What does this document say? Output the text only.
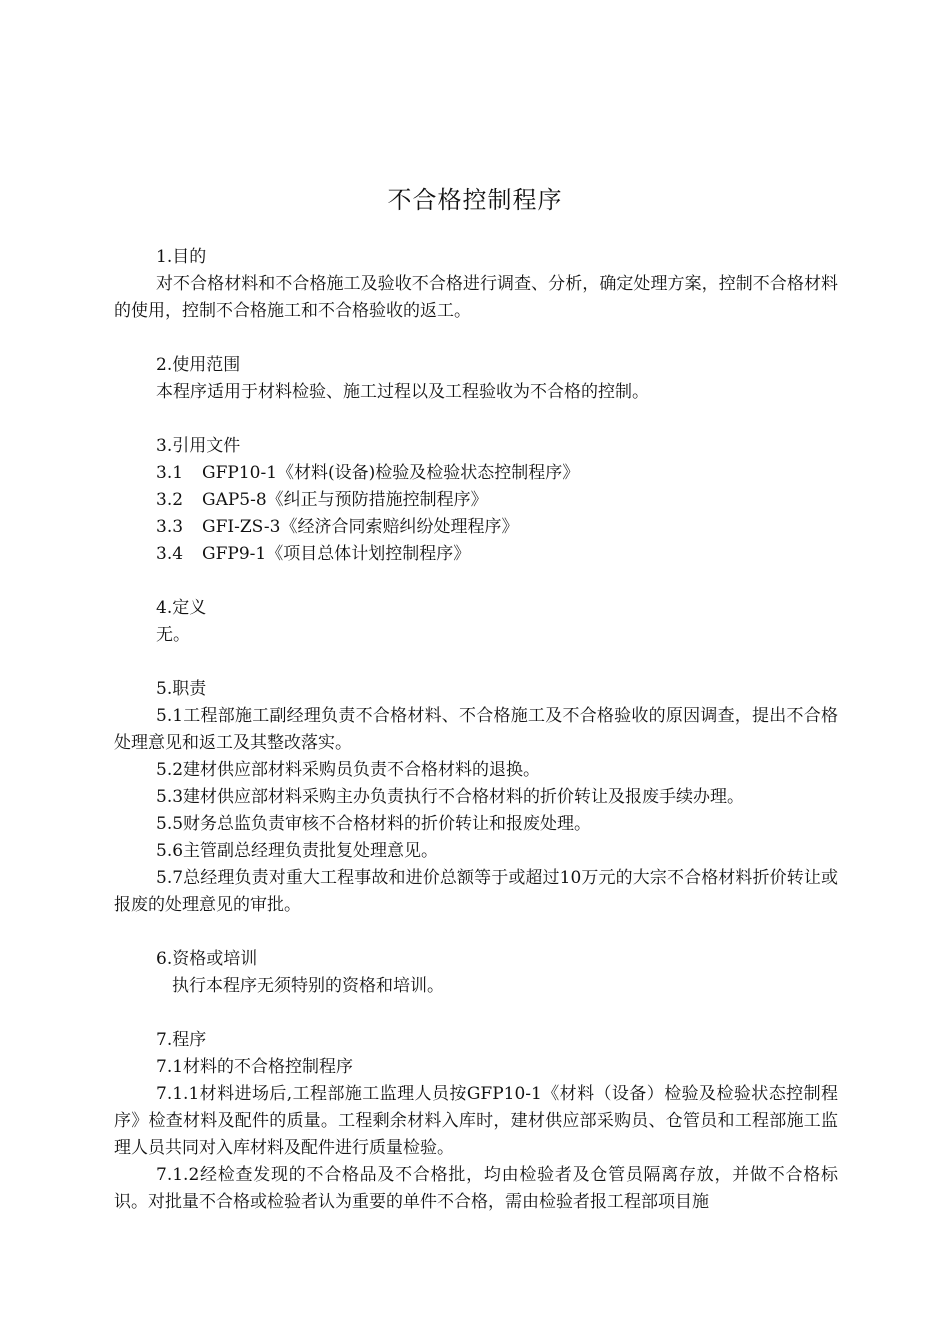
不合格控制程序
1.目的
对不合格材料和不合格施工及验收不合格进行调查、分析，确定处理方案，控制不合格材料的使用，控制不合格施工和不合格验收的返工。
2.使用范围
本程序适用于材料检验、施工过程以及工程验收为不合格的控制。
3.引用文件
3.1 GFP10-1《材料(设备)检验及检验状态控制程序》
3.2 GAP5-8《纠正与预防措施控制程序》
3.3 GFI-ZS-3《经济合同索赔纠纷处理程序》
3.4 GFP9-1《项目总体计划控制程序》
4.定义
无。
5.职责
5.1工程部施工副经理负责不合格材料、不合格施工及不合格验收的原因调查，提出不合格处理意见和返工及其整改落实。
5.2建材供应部材料采购员负责不合格材料的退换。
5.3建材供应部材料采购主办负责执行不合格材料的折价转让及报废手续办理。
5.5财务总监负责审核不合格材料的折价转让和报废处理。
5.6主管副总经理负责批复处理意见。
5.7总经理负责对重大工程事故和进价总额等于或超过10万元的大宗不合格材料折价转让或报废的处理意见的审批。
6.资格或培训
执行本程序无须特别的资格和培训。
7.程序
7.1材料的不合格控制程序
7.1.1材料进场后,工程部施工监理人员按GFP10-1《材料（设备）检验及检验状态控制程序》检查材料及配件的质量。工程剩余材料入库时，建材供应部采购员、仓管员和工程部施工监理人员共同对入库材料及配件进行质量检验。
7.1.2经检查发现的不合格品及不合格批，均由检验者及仓管员隔离存放，并做不合格标识。对批量不合格或检验者认为重要的单件不合格，需由检验者报工程部项目施
